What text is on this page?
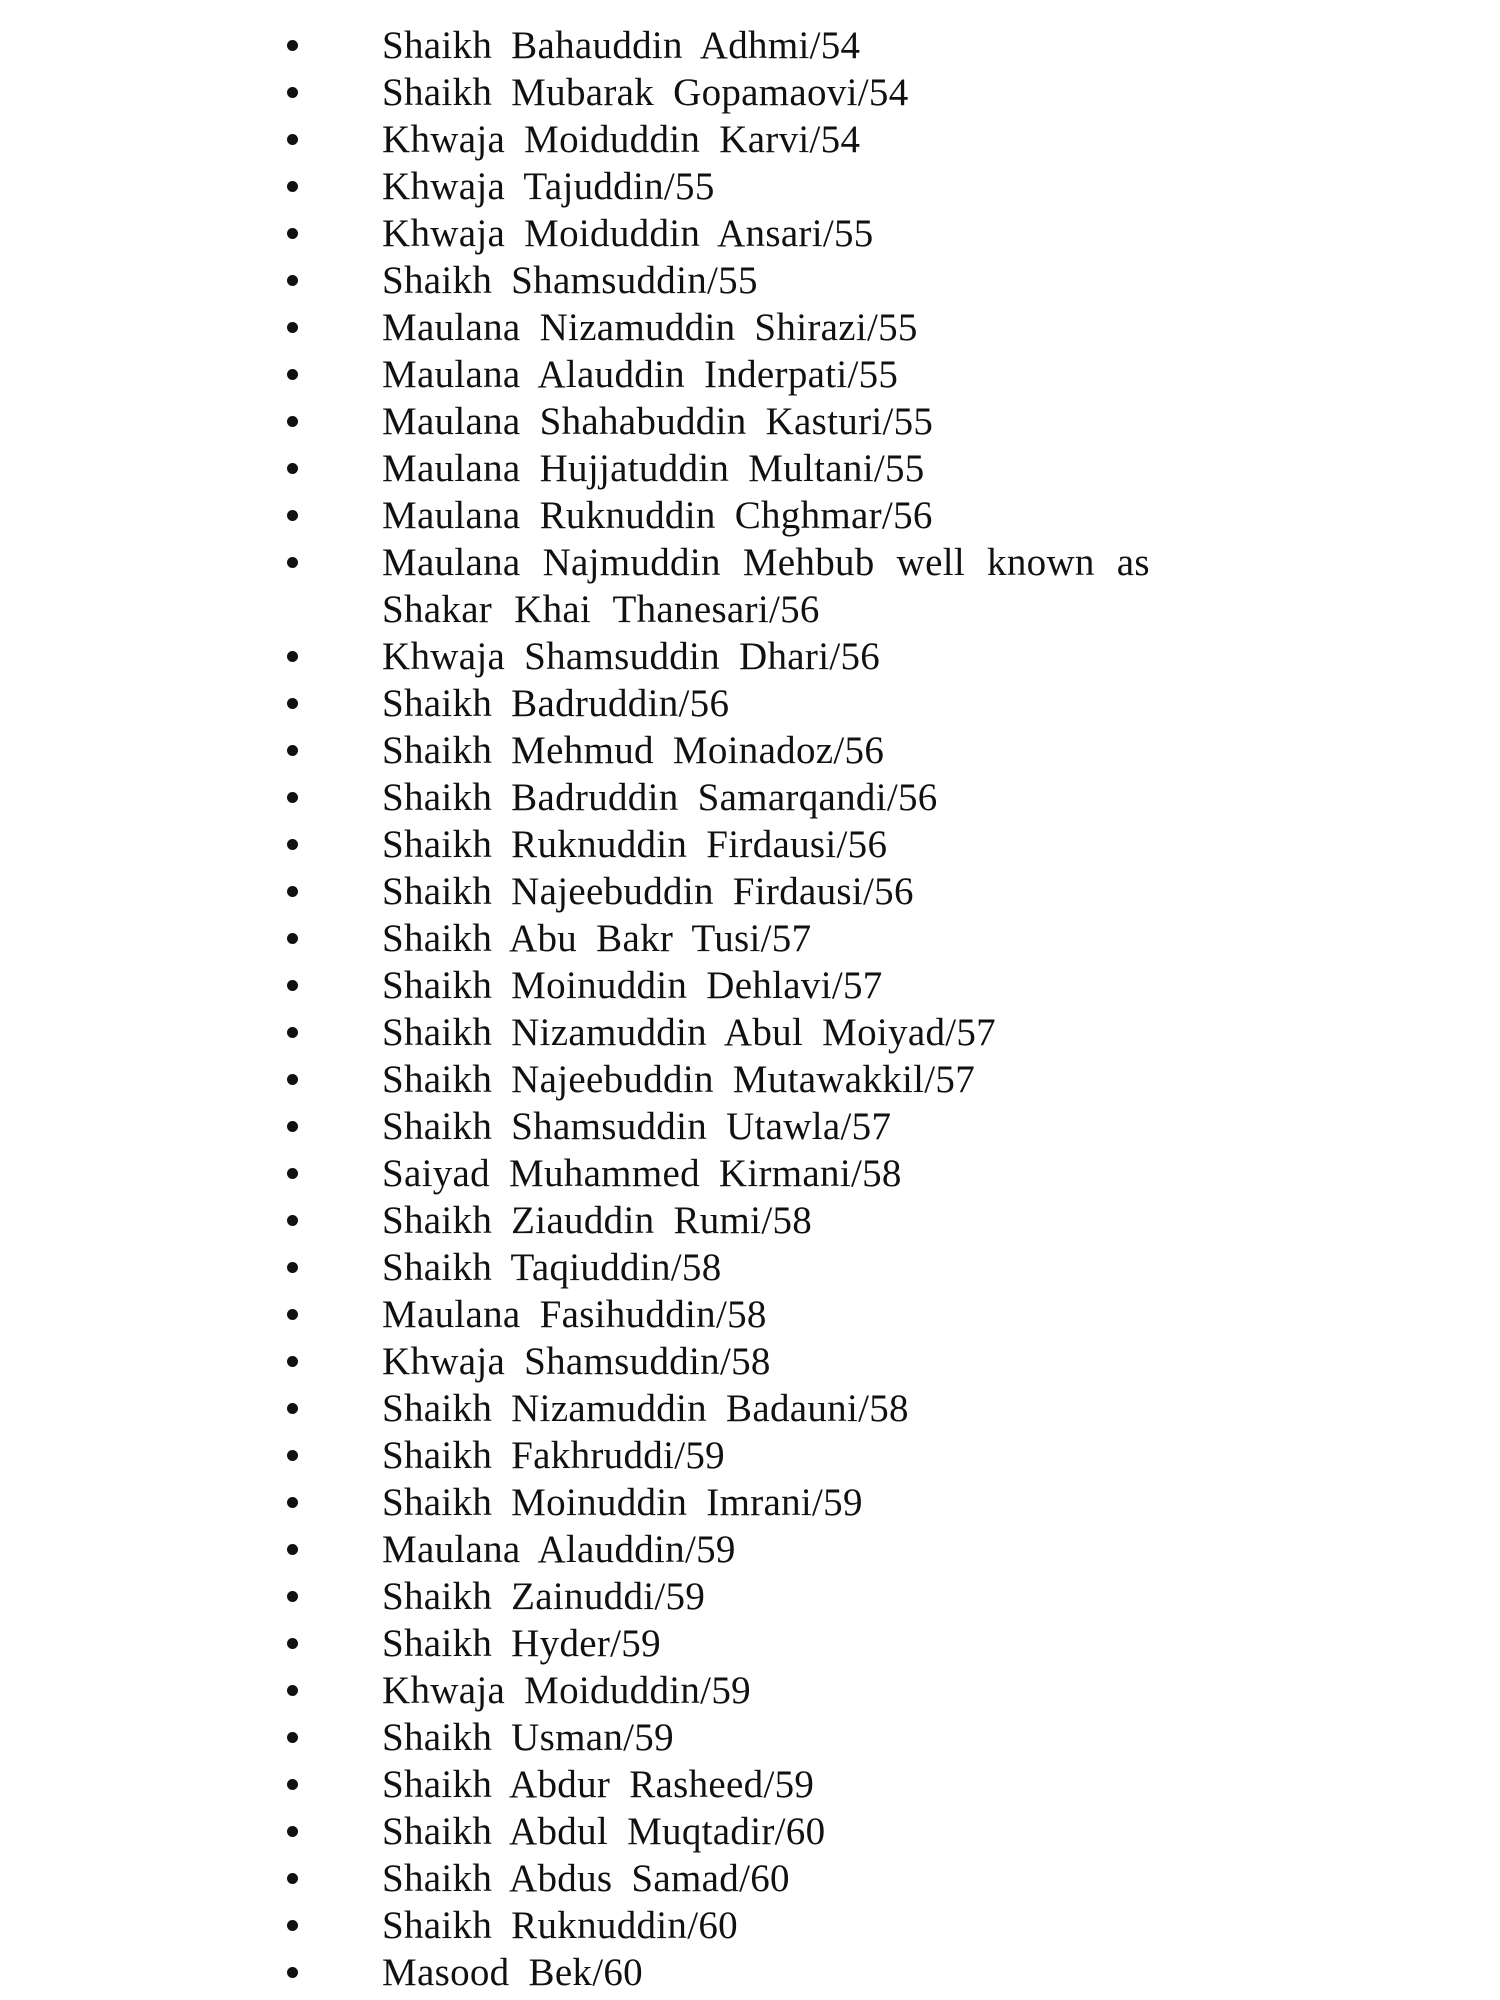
Shaikh Bahauddin Adhmi/54
Shaikh Mubarak Gopamaovi/54
Khwaja Moiduddin Karvi/54
Khwaja Tajuddin/55
Khwaja Moiduddin Ansari/55
Shaikh Shamsuddin/55
Maulana Nizamuddin Shirazi/55
Maulana Alauddin Inderpati/55
Maulana Shahabuddin Kasturi/55
Maulana Hujjatuddin Multani/55
Maulana Ruknuddin Chghmar/56
Maulana Najmuddin Mehbub well known as Shakar Khai Thanesari/56
Khwaja Shamsuddin Dhari/56
Shaikh Badruddin/56
Shaikh Mehmud Moinadoz/56
Shaikh Badruddin Samarqandi/56
Shaikh Ruknuddin Firdausi/56
Shaikh Najeebuddin Firdausi/56
Shaikh Abu Bakr Tusi/57
Shaikh Moinuddin Dehlavi/57
Shaikh Nizamuddin Abul Moiyad/57
Shaikh Najeebuddin Mutawakkil/57
Shaikh Shamsuddin Utawla/57
Saiyad Muhammed Kirmani/58
Shaikh Ziauddin Rumi/58
Shaikh Taqiuddin/58
Maulana Fasihuddin/58
Khwaja Shamsuddin/58
Shaikh Nizamuddin Badauni/58
Shaikh Fakhruddi/59
Shaikh Moinuddin Imrani/59
Maulana Alauddin/59
Shaikh Zainuddi/59
Shaikh Hyder/59
Khwaja Moiduddin/59
Shaikh Usman/59
Shaikh Abdur Rasheed/59
Shaikh Abdul Muqtadir/60
Shaikh Abdus Samad/60
Shaikh Ruknuddin/60
Masood Bek/60
